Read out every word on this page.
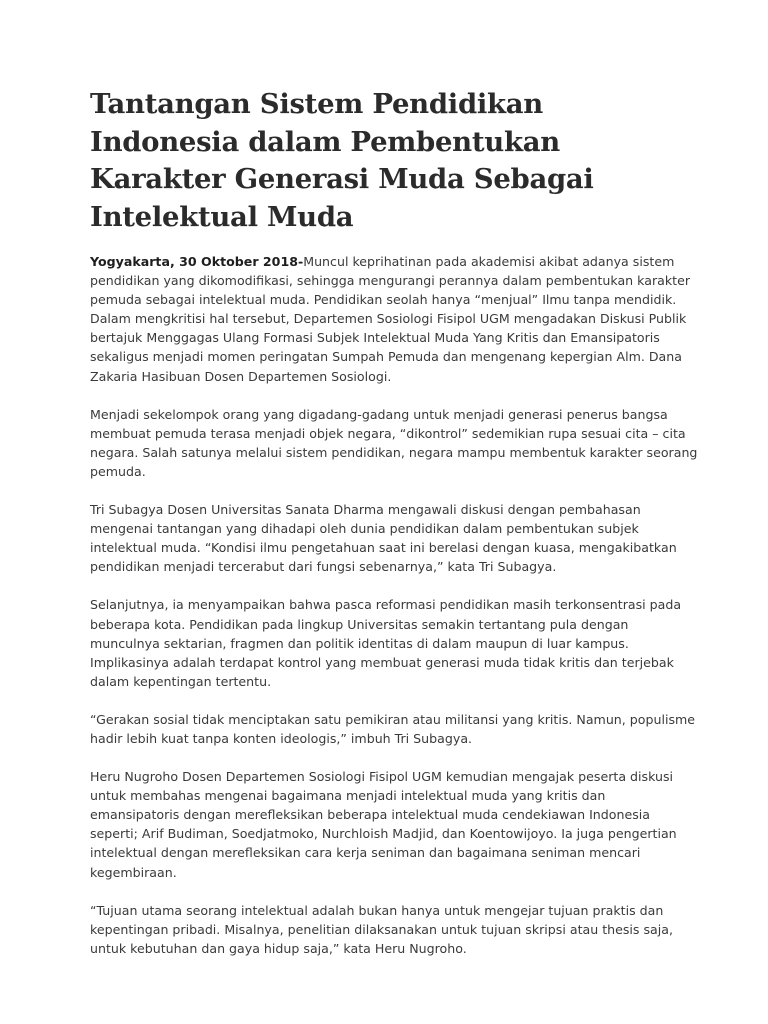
Tantangan Sistem Pendidikan
Indonesia dalam Pembentukan
Karakter Generasi Muda Sebagai
Intelektual Muda

Yogyakarta, 30 Oktober 2018-Muncul keprihatinan pada akademisi akibat adanya sistem
pendidikan yang dikomodifikasi, sehingga mengurangi perannya dalam pembentukan karakter
pemuda sebagai intelektual muda. Pendidikan seolah hanya “menjual” Ilmu tanpa mendidik.
Dalam mengkritisi hal tersebut, Departemen Sosiologi Fisipol UGM mengadakan Diskusi Publik
bertajuk Menggagas Ulang Formasi Subjek Intelektual Muda Yang Kritis dan Emansipatoris
sekaligus menjadi momen peringatan Sumpah Pemuda dan mengenang kepergian Alm. Dana
Zakaria Hasibuan Dosen Departemen Sosiologi.

Menjadi sekelompok orang yang digadang-gadang untuk menjadi generasi penerus bangsa
membuat pemuda terasa menjadi objek negara, “dikontrol” sedemikian rupa sesuai cita – cita
negara. Salah satunya melalui sistem pendidikan, negara mampu membentuk karakter seorang
pemuda.

Tri Subagya Dosen Universitas Sanata Dharma mengawali diskusi dengan pembahasan
mengenai tantangan yang dihadapi oleh dunia pendidikan dalam pembentukan subjek
intelektual muda. “Kondisi ilmu pengetahuan saat ini berelasi dengan kuasa, mengakibatkan
pendidikan menjadi tercerabut dari fungsi sebenarnya,” kata Tri Subagya.

Selanjutnya, ia menyampaikan bahwa pasca reformasi pendidikan masih terkonsentrasi pada
beberapa kota. Pendidikan pada lingkup Universitas semakin tertantang pula dengan
munculnya sektarian, fragmen dan politik identitas di dalam maupun di luar kampus.
Implikasinya adalah terdapat kontrol yang membuat generasi muda tidak kritis dan terjebak
dalam kepentingan tertentu.

“Gerakan sosial tidak menciptakan satu pemikiran atau militansi yang kritis. Namun, populisme
hadir lebih kuat tanpa konten ideologis,” imbuh Tri Subagya.

Heru Nugroho Dosen Departemen Sosiologi Fisipol UGM kemudian mengajak peserta diskusi
untuk membahas mengenai bagaimana menjadi intelektual muda yang kritis dan
emansipatoris dengan merefleksikan beberapa intelektual muda cendekiawan Indonesia
seperti; Arif Budiman, Soedjatmoko, Nurchloish Madjid, dan Koentowijoyo. Ia juga pengertian
intelektual dengan merefleksikan cara kerja seniman dan bagaimana seniman mencari
kegembiraan.

“Tujuan utama seorang intelektual adalah bukan hanya untuk mengejar tujuan praktis dan
kepentingan pribadi. Misalnya, penelitian dilaksanakan untuk tujuan skripsi atau thesis saja,
untuk kebutuhan dan gaya hidup saja,” kata Heru Nugroho.
